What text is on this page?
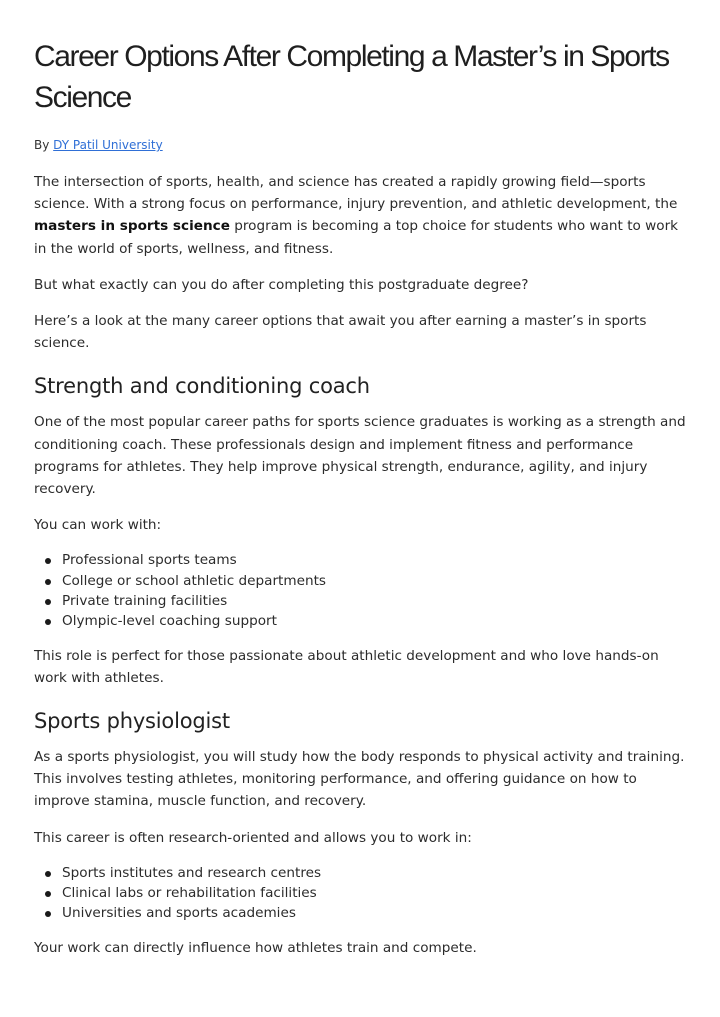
Career Options After Completing a Master’s in Sports Science
By DY Patil University

The intersection of sports, health, and science has created a rapidly growing field—sports science. With a strong focus on performance, injury prevention, and athletic development, the masters in sports science program is becoming a top choice for students who want to work in the world of sports, wellness, and fitness.

But what exactly can you do after completing this postgraduate degree?

Here’s a look at the many career options that await you after earning a master’s in sports science.

Strength and conditioning coach

One of the most popular career paths for sports science graduates is working as a strength and conditioning coach. These professionals design and implement fitness and performance programs for athletes. They help improve physical strength, endurance, agility, and injury recovery.

You can work with:

Professional sports teams
College or school athletic departments
Private training facilities
Olympic-level coaching support

This role is perfect for those passionate about athletic development and who love hands-on work with athletes.

Sports physiologist

As a sports physiologist, you will study how the body responds to physical activity and training. This involves testing athletes, monitoring performance, and offering guidance on how to improve stamina, muscle function, and recovery.

This career is often research-oriented and allows you to work in:

Sports institutes and research centres
Clinical labs or rehabilitation facilities
Universities and sports academies

Your work can directly influence how athletes train and compete.
